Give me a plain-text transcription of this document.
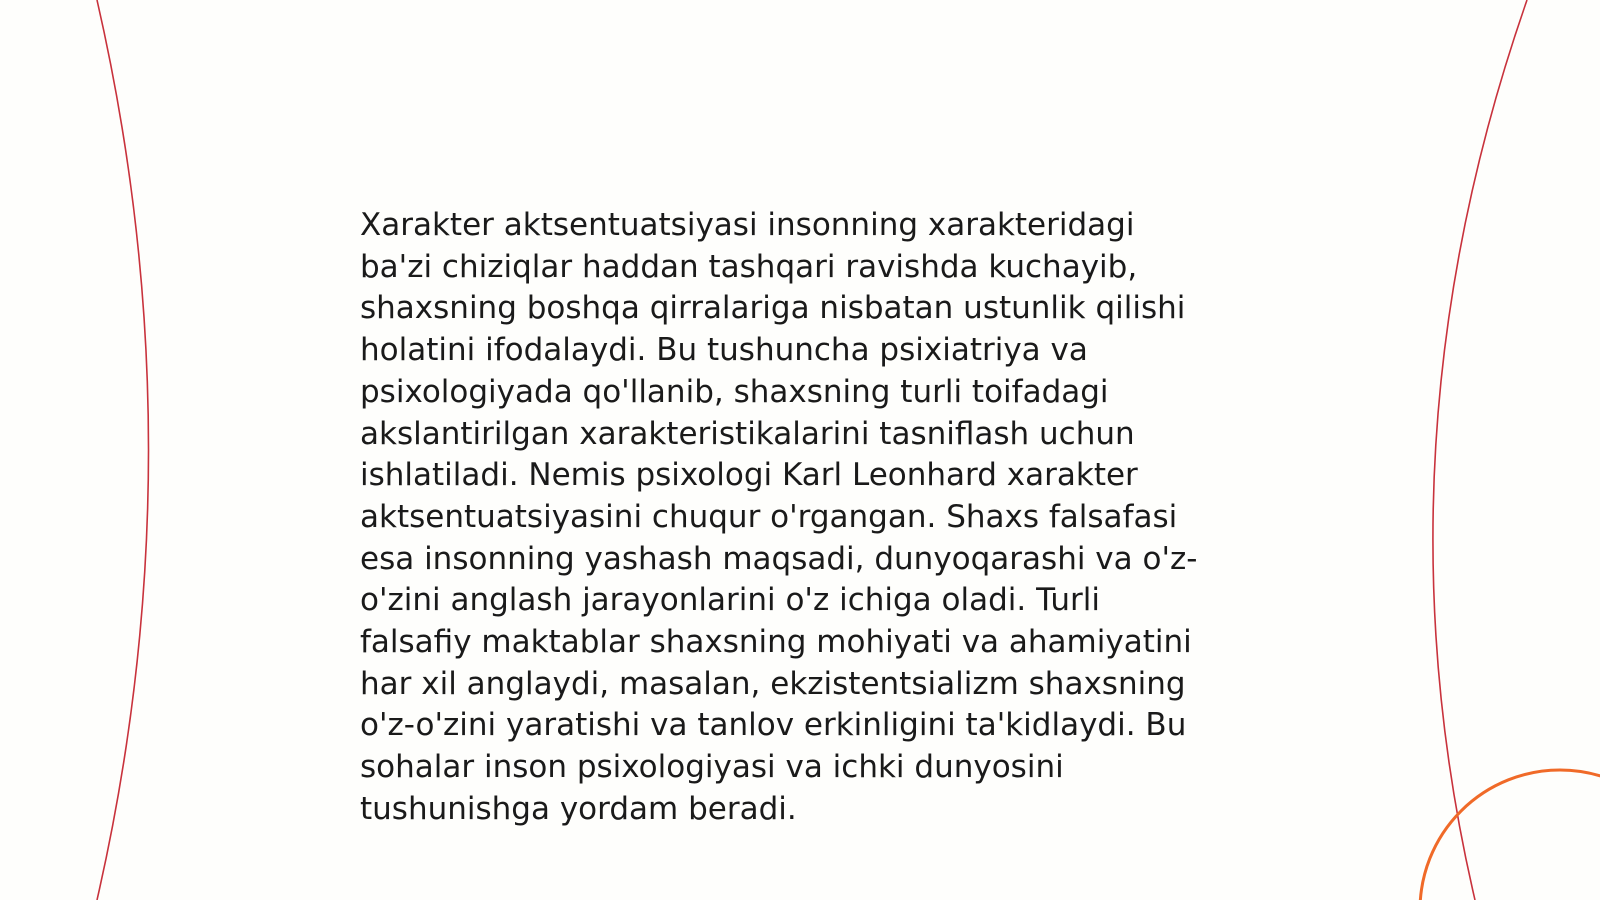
Xarakter aktsentuatsiyasi insonning xarakteridagi
ba'zi chiziqlar haddan tashqari ravishda kuchayib,
shaxsning boshqa qirralariga nisbatan ustunlik qilishi
holatini ifodalaydi. Bu tushuncha psixiatriya va
psixologiyada qo'llanib, shaxsning turli toifadagi
akslantirilgan xarakteristikalarini tasniflash uchun
ishlatiladi. Nemis psixologi Karl Leonhard xarakter
aktsentuatsiyasini chuqur o'rgangan. Shaxs falsafasi
esa insonning yashash maqsadi, dunyoqarashi va o'z-
o'zini anglash jarayonlarini o'z ichiga oladi. Turli
falsafiy maktablar shaxsning mohiyati va ahamiyatini
har xil anglaydi, masalan, ekzistentsializm shaxsning
o'z-o'zini yaratishi va tanlov erkinligini ta'kidlaydi. Bu
sohalar inson psixologiyasi va ichki dunyosini
tushunishga yordam beradi.
